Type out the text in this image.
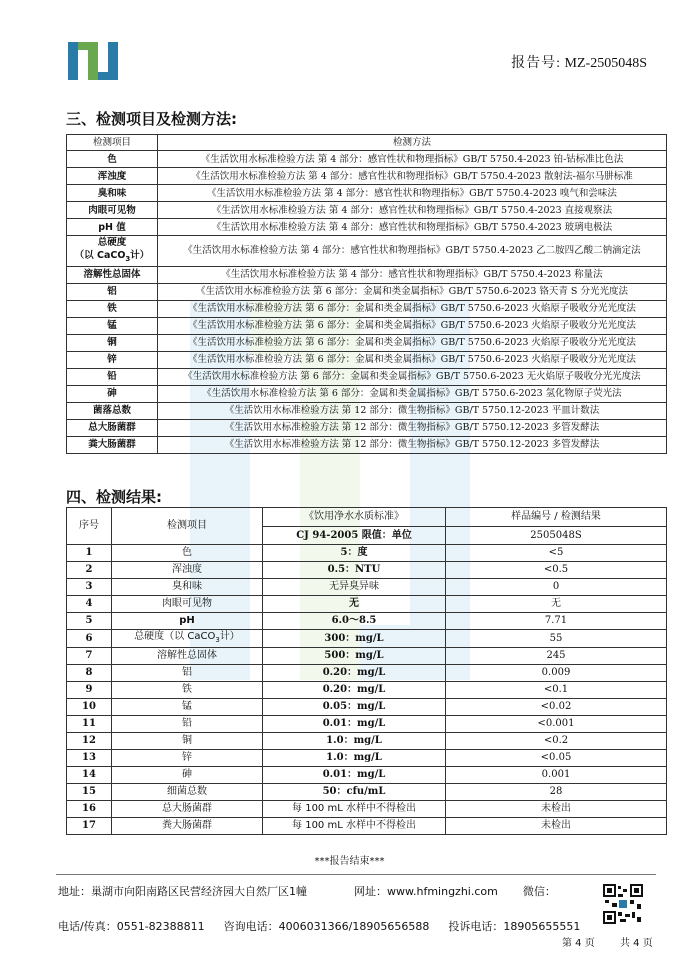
报告号: MZ-2505048S
三、检测项目及检测方法:
检测项目	检测方法
色	《生活饮用水标准检验方法 第 4 部分：感官性状和物理指标》GB/T 5750.4-2023 铂-钴标准比色法
浑浊度	《生活饮用水标准检验方法 第 4 部分：感官性状和物理指标》GB/T 5750.4-2023 散射法-福尔马肼标准
臭和味	《生活饮用水标准检验方法 第 4 部分：感官性状和物理指标》GB/T 5750.4-2023 嗅气和尝味法
肉眼可见物	《生活饮用水标准检验方法 第 4 部分：感官性状和物理指标》GB/T 5750.4-2023 直接观察法
pH 值	《生活饮用水标准检验方法 第 4 部分：感官性状和物理指标》GB/T 5750.4-2023 玻璃电极法

总硬度
（以 CaCO$_3$计）	《生活饮用水标准检验方法 第 4 部分：感官性状和物理指标》GB/T 5750.4-2023 乙二胺四乙酸二钠滴定法
溶解性总固体	《生活饮用水标准检验方法 第 4 部分：感官性状和物理指标》GB/T 5750.4-2023 称量法
铝	《生活饮用水标准检验方法 第 6 部分：金属和类金属指标》GB/T 5750.6-2023 铬天青 S 分光光度法
铁	《生活饮用水标准检验方法 第 6 部分：金属和类金属指标》GB/T 5750.6-2023 火焰原子吸收分光光度法
锰	《生活饮用水标准检验方法 第 6 部分：金属和类金属指标》GB/T 5750.6-2023 火焰原子吸收分光光度法
铜	《生活饮用水标准检验方法 第 6 部分：金属和类金属指标》GB/T 5750.6-2023 火焰原子吸收分光光度法
锌	《生活饮用水标准检验方法 第 6 部分：金属和类金属指标》GB/T 5750.6-2023 火焰原子吸收分光光度法
铅	《生活饮用水标准检验方法 第 6 部分：金属和类金属指标》GB/T 5750.6-2023 无火焰原子吸收分光光度法
砷	《生活饮用水标准检验方法 第 6 部分：金属和类金属指标》GB/T 5750.6-2023 氢化物原子荧光法
菌落总数	《生活饮用水标准检验方法 第 12 部分：微生物指标》GB/T 5750.12-2023 平皿计数法
总大肠菌群	《生活饮用水标准检验方法 第 12 部分：微生物指标》GB/T 5750.12-2023 多管发酵法
粪大肠菌群	《生活饮用水标准检验方法 第 12 部分：微生物指标》GB/T 5750.12-2023 多管发酵法
四、检测结果:
序号	检测项目	《饮用净水水质标准》	样品编号 / 检测结果
		CJ 94-2005 限值：单位	2505048S
1	色	5：度	<5
2	浑浊度	0.5：NTU	<0.5
3	臭和味	无异臭异味	0
4	肉眼可见物	无	无
5	pH	6.0～8.5	7.71
6	总硬度（以 CaCO$_3$计）	300：mg/L	55
7	溶解性总固体	500：mg/L	245
8	铝	0.20：mg/L	0.009
9	铁	0.20：mg/L	<0.1
10	锰	0.05：mg/L	<0.02
11	铅	0.01：mg/L	<0.001
12	铜	1.0：mg/L	<0.2
13	锌	1.0：mg/L	<0.05
14	砷	0.01：mg/L	0.001
15	细菌总数	50：cfu/mL	28
16	总大肠菌群	每 100 mL 水样中不得检出	未检出
17	粪大肠菌群	每 100 mL 水样中不得检出	未检出
***报告结束***
地址：巢湖市向阳南路区民营经济园大自然厂区1幢	网址：www.hfmingzhi.com 微信：
电话/传真：0551-82388811 咨询电话：4006031366/18905656588 投诉电话：18905655551
第 4 页	共 4 页
